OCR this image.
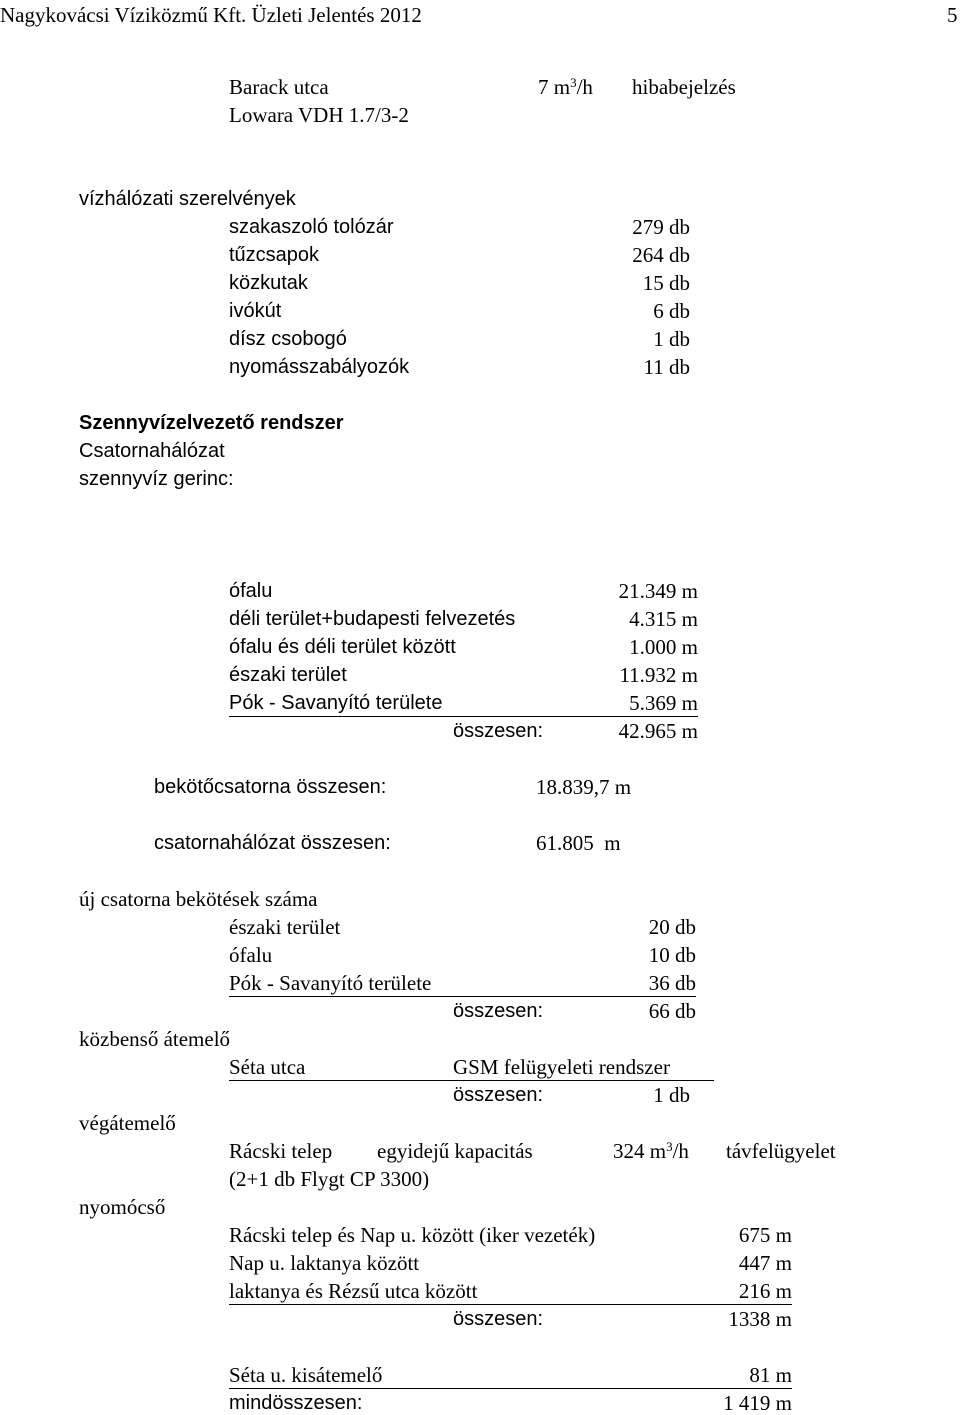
Nagykovácsi Víziközmű Kft. Üzleti Jelentés 2012	5
Barack utca	7 $m^3/h$ hibabejelzés
Lowara VDH 1.7/3-2
vízhálózati szerelvények
szakaszoló tolózár	279 db
tűzcsapok	264 db
közkutak	15 db
ivókút	6 db
dísz csobogó	1 db
nyomásszabályozók	11 db
Szennyvízelvezető rendszer
Csatornahálózat
szennyvíz gerinc:
ófalu	21.349 m
déli terület+budapesti felvezetés	4.315 m
ófalu és déli terület között	1.000 m
északi terület	11.932 m
Pók - Savanyító területe	5.369 m
összesen:	42.965 m
bekötőcsatorna összesen:	18.839,7 m
csatornahálózat összesen:	61.805  m
új csatorna bekötések száma
északi terület	20 db
ófalu	10 db
Pók - Savanyító területe	36 db
összesen:	66 db
közbenső átemelő
Séta utca	GSM felügyeleti rendszer
összesen:	1 db
végátemelő
Rácski telep egyidejű kapacitás	324 $m^3/h$ távfelügyelet
(2+1 db Flygt CP 3300)
nyomócső
Rácski telep és Nap u. között (iker vezeték)	675 m
Nap u. laktanya között	447 m
laktanya és Rézsű utca között	216 m
összesen:	1338 m
Séta u. kisátemelő	81 m
mindösszesen:	1 419 m
